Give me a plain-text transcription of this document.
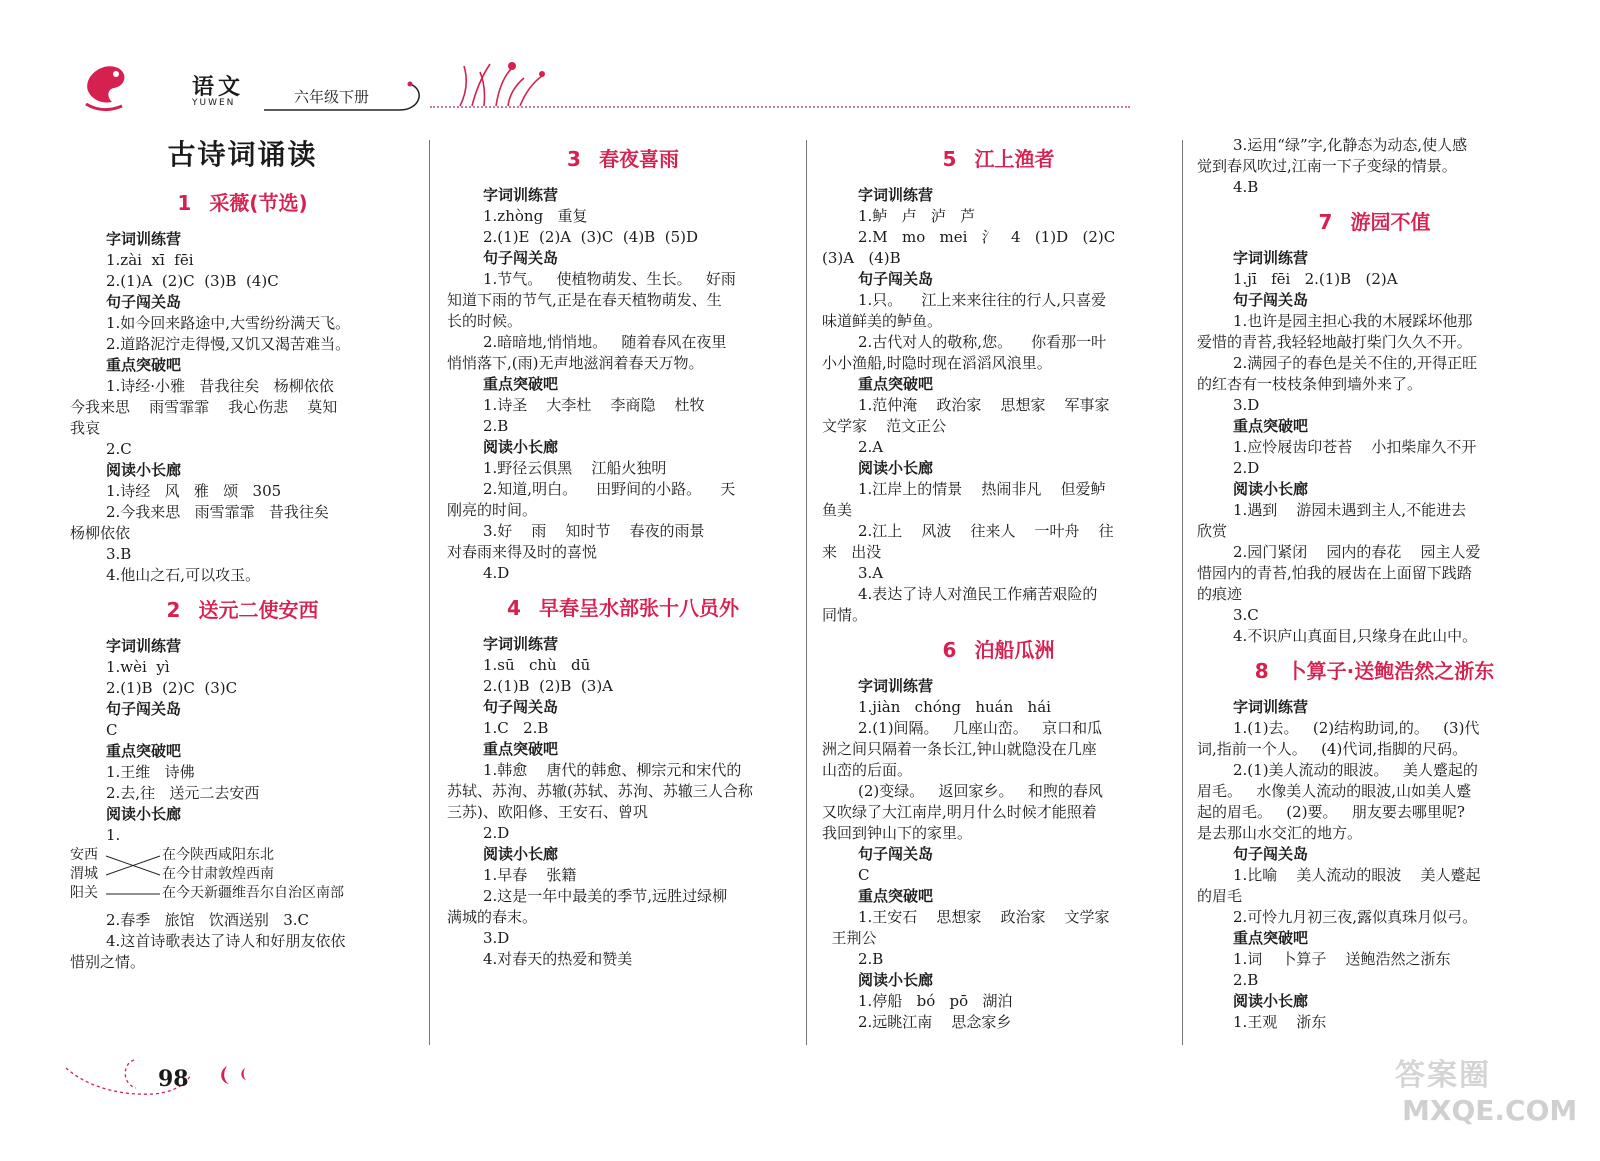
语文
YUWEN	六年级下册
古诗词诵读
1 采薇(节选)
字词训练营
1.zài  xī  fēi
2.(1)A  (2)C  (3)B  (4)C
句子闯关岛
1.如今回来路途中,大雪纷纷满天飞。
2.道路泥泞走得慢,又饥又渴苦难当。
重点突破吧
1.诗经·小雅   昔我往矣   杨柳依依
今我来思    雨雪霏霏    我心伤悲    莫知
我哀
2.C
阅读小长廊
1.诗经   风   雅   颂   305
2.今我来思   雨雪霏霏   昔我往矣
杨柳依依
3.B
4.他山之石,可以攻玉。
2 送元二使安西
字词训练营
1.wèi  yì
2.(1)B  (2)C  (3)C
句子闯关岛
C
重点突破吧
1.王维   诗佛
2.去,往   送元二去安西
阅读小长廊
1.
安西
渭城
阳关
在今陕西咸阳东北
在今甘肃敦煌西南
在今天新疆维吾尔自治区南部
2.春季   旅馆   饮酒送别   3.C
4.这首诗歌表达了诗人和好朋友依依
惜别之情。
3 春夜喜雨
字词训练营
1.zhòng   重复
2.(1)E  (2)A  (3)C  (4)B  (5)D
句子闯关岛
1.节气。   使植物萌发、生长。   好雨
知道下雨的节气,正是在春天植物萌发、生
长的时候。
2.暗暗地,悄悄地。   随着春风在夜里
悄悄落下,(雨)无声地滋润着春天万物。
重点突破吧
1.诗圣    大李杜    李商隐    杜牧
2.B
阅读小长廊
1.野径云俱黑    江船火独明
2.知道,明白。    田野间的小路。    天
刚亮的时间。
3.好    雨    知时节    春夜的雨景
对春雨来得及时的喜悦
4.D
4 早春呈水部张十八员外
字词训练营
1.sū   chù   dū
2.(1)B  (2)B  (3)A
句子闯关岛
1.C   2.B
重点突破吧
1.韩愈    唐代的韩愈、柳宗元和宋代的
苏轼、苏洵、苏辙(苏轼、苏洵、苏辙三人合称
三苏)、欧阳修、王安石、曾巩
2.D
阅读小长廊
1.早春    张籍
2.这是一年中最美的季节,远胜过绿柳
满城的春末。
3.D
4.对春天的热爱和赞美
5 江上渔者
字词训练营
1.鲈   卢   泸   芦
2.M   mo   mei   氵   4   (1)D   (2)C
(3)A   (4)B
句子闯关岛
1.只。    江上来来往往的行人,只喜爱
味道鲜美的鲈鱼。
2.古代对人的敬称,您。    你看那一叶
小小渔船,时隐时现在滔滔风浪里。
重点突破吧
1.范仲淹    政治家    思想家    军事家
文学家    范文正公
2.A
阅读小长廊
1.江岸上的情景    热闹非凡    但爱鲈
鱼美
2.江上    风波    往来人    一叶舟    往
来   出没
3.A
4.表达了诗人对渔民工作痛苦艰险的
同情。
6 泊船瓜洲
字词训练营
1.jiàn   chóng   huán   hái
2.(1)间隔。   几座山峦。   京口和瓜
洲之间只隔着一条长江,钟山就隐没在几座
山峦的后面。
(2)变绿。   返回家乡。   和煦的春风
又吹绿了大江南岸,明月什么时候才能照着
我回到钟山下的家里。
句子闯关岛
C
重点突破吧
1.王安石    思想家    政治家    文学家
王荆公
2.B
阅读小长廊
1.停船   bó   pō   湖泊
2.远眺江南    思念家乡
3.运用“绿”字,化静态为动态,使人感
觉到春风吹过,江南一下子变绿的情景。
4.B
7 游园不值
字词训练营
1.jī   fēi   2.(1)B   (2)A
句子闯关岛
1.也许是园主担心我的木屐踩坏他那
爱惜的青苔,我轻轻地敲打柴门久久不开。
2.满园子的春色是关不住的,开得正旺
的红杏有一枝枝条伸到墙外来了。
3.D
重点突破吧
1.应怜屐齿印苍苔    小扣柴扉久不开
2.D
阅读小长廊
1.遇到    游园未遇到主人,不能进去
欣赏
2.园门紧闭    园内的春花    园主人爱
惜园内的青苔,怕我的屐齿在上面留下践踏
的痕迹
3.C
4.不识庐山真面目,只缘身在此山中。
8 卜算子·送鲍浩然之浙东
字词训练营
1.(1)去。   (2)结构助词,的。   (3)代
词,指前一个人。   (4)代词,指脚的尺码。
2.(1)美人流动的眼波。   美人蹙起的
眉毛。   水像美人流动的眼波,山如美人蹙
起的眉毛。   (2)要。   朋友要去哪里呢?
是去那山水交汇的地方。
句子闯关岛
1.比喻    美人流动的眼波    美人蹙起
的眉毛
2.可怜九月初三夜,露似真珠月似弓。
重点突破吧
1.词    卜算子    送鲍浩然之浙东
2.B
阅读小长廊
1.王观    浙东
98	答案圈
MXQE.COM
